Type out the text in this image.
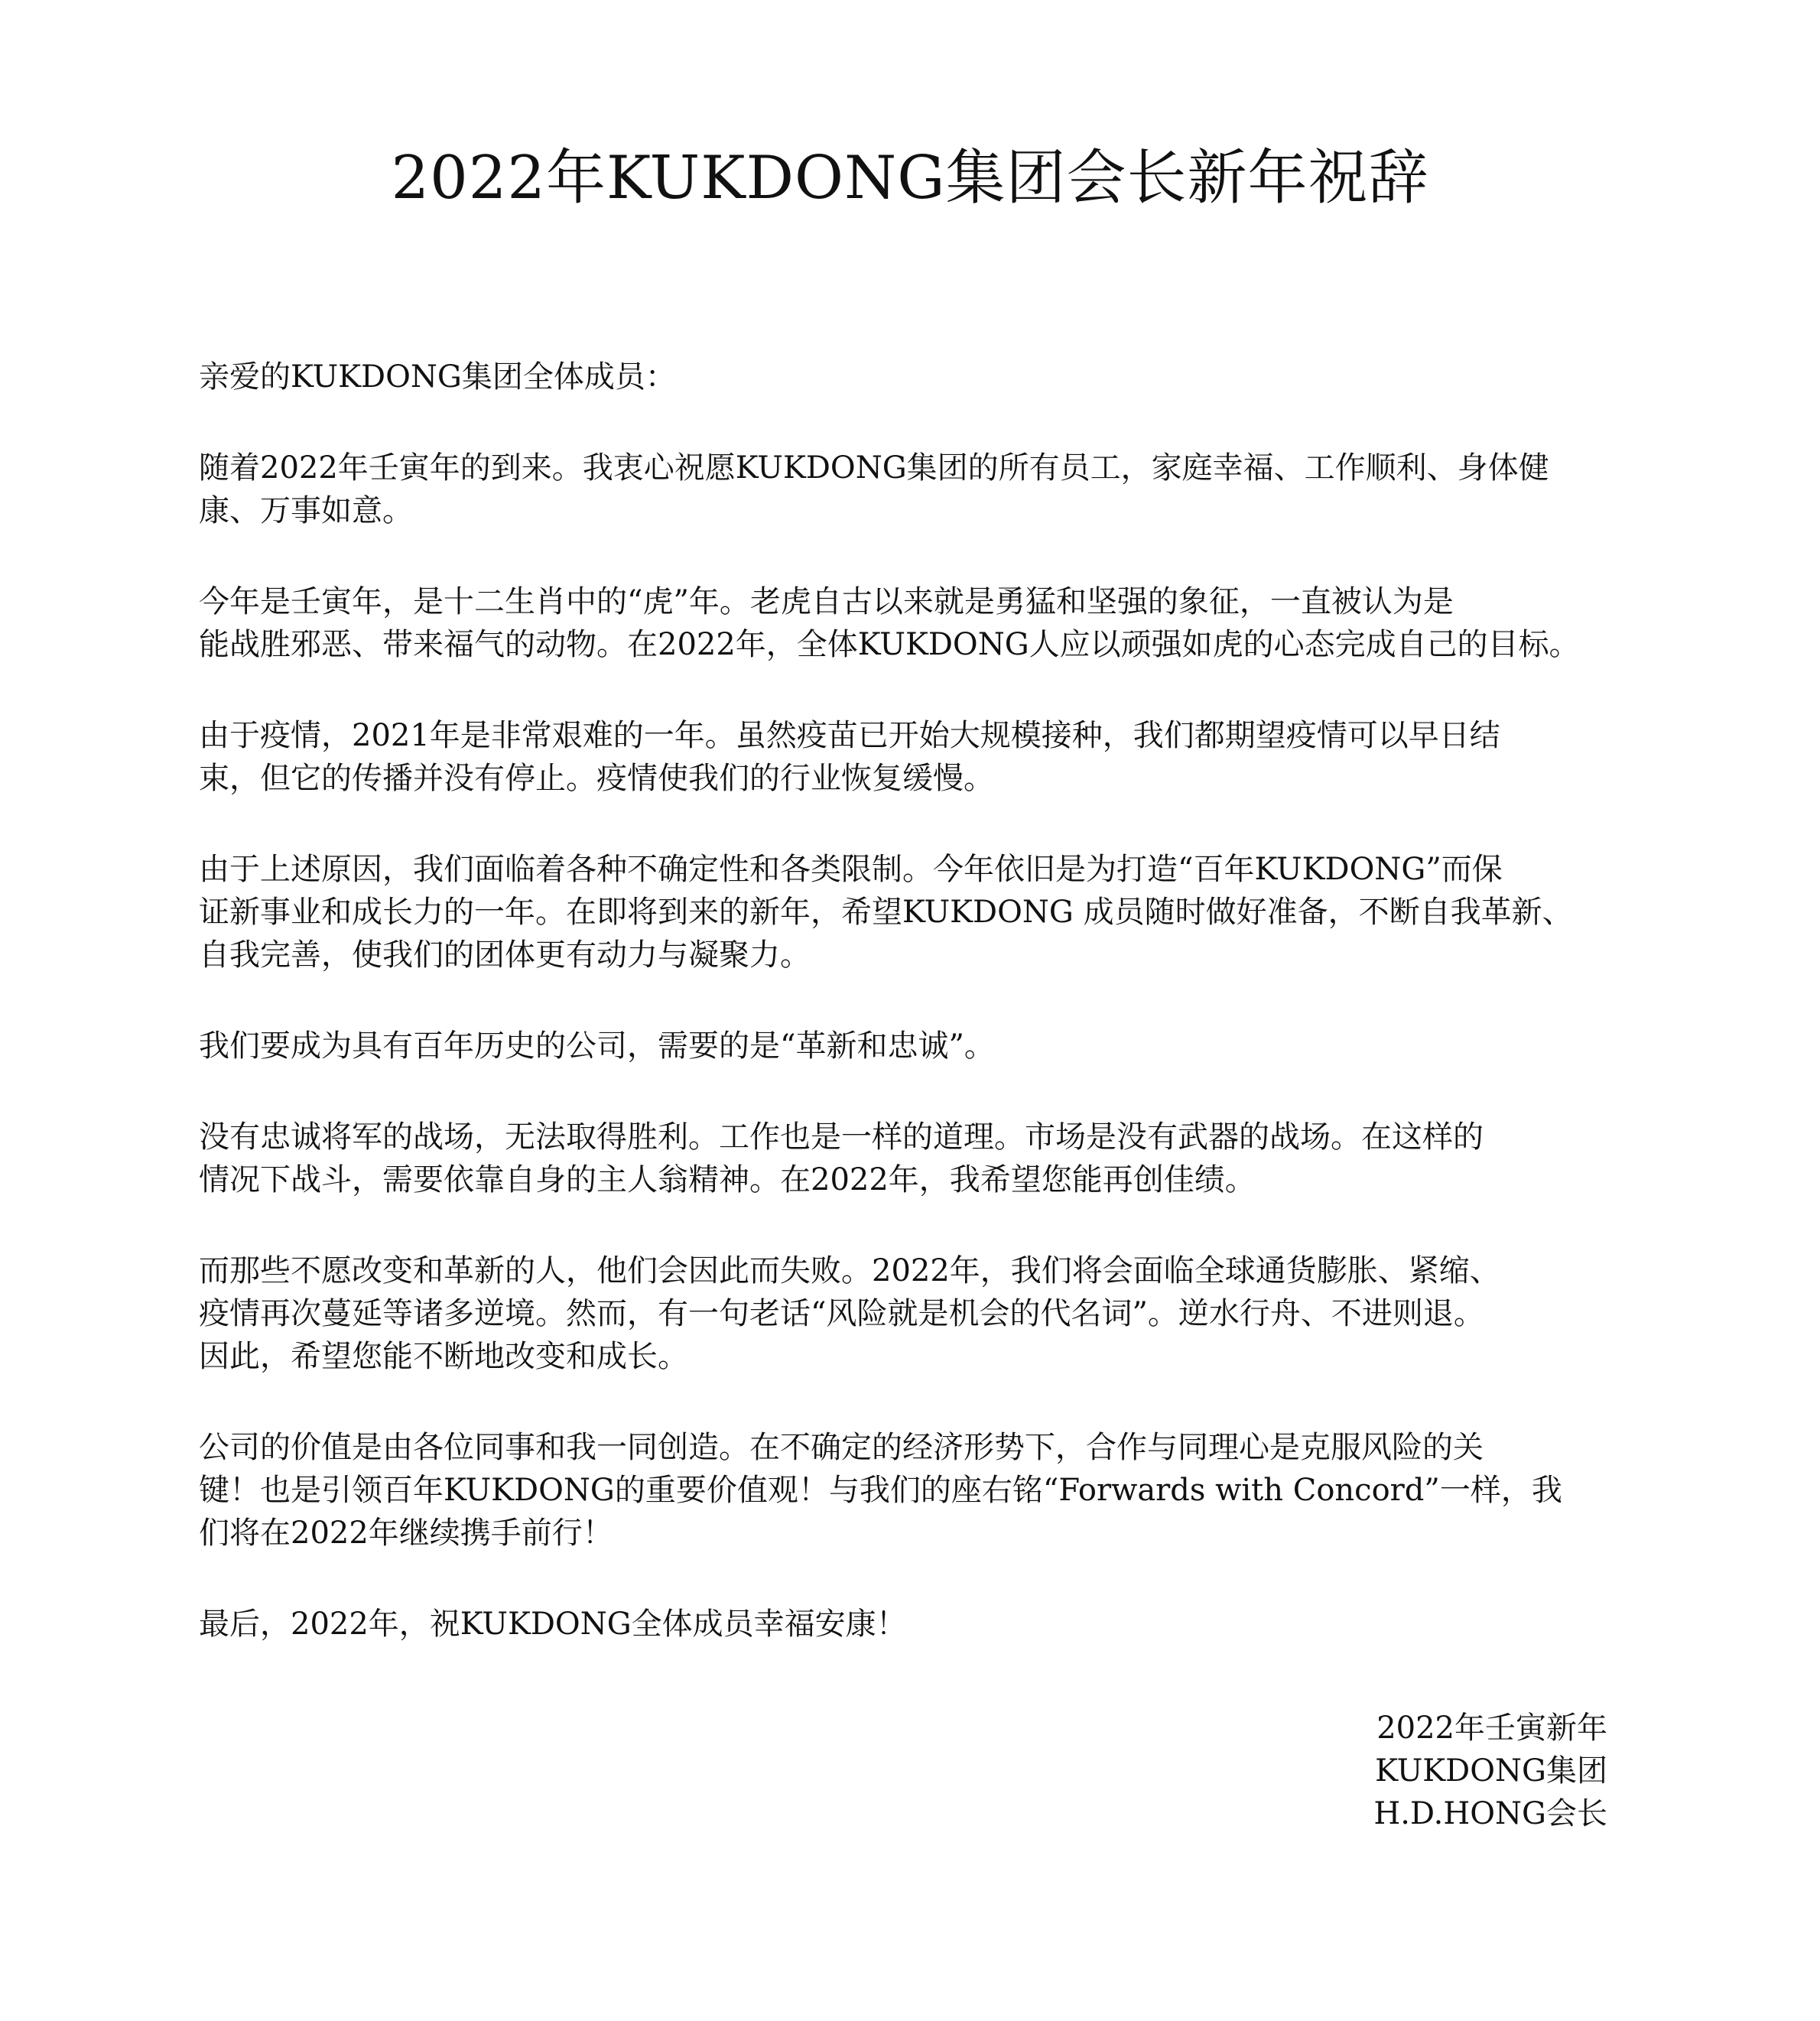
2022年KUKDONG集团会长新年祝辞

亲爱的KUKDONG集团全体成员：

随着2022年壬寅年的到来。我衷心祝愿KUKDONG集团的所有员工，家庭幸福、工作顺利、身体健
康、万事如意。

今年是壬寅年，是十二生肖中的“虎”年。老虎自古以来就是勇猛和坚强的象征，一直被认为是
能战胜邪恶、带来福气的动物。在2022年，全体KUKDONG人应以顽强如虎的心态完成自己的目标。

由于疫情，2021年是非常艰难的一年。虽然疫苗已开始大规模接种，我们都期望疫情可以早日结
束，但它的传播并没有停止。疫情使我们的行业恢复缓慢。

由于上述原因，我们面临着各种不确定性和各类限制。今年依旧是为打造“百年KUKDONG”而保
证新事业和成长力的一年。在即将到来的新年，希望KUKDONG 成员随时做好准备，不断自我革新、
自我完善，使我们的团体更有动力与凝聚力。

我们要成为具有百年历史的公司，需要的是“革新和忠诚”。

没有忠诚将军的战场，无法取得胜利。工作也是一样的道理。市场是没有武器的战场。在这样的
情况下战斗，需要依靠自身的主人翁精神。在2022年，我希望您能再创佳绩。

而那些不愿改变和革新的人，他们会因此而失败。2022年，我们将会面临全球通货膨胀、紧缩、
疫情再次蔓延等诸多逆境。然而，有一句老话“风险就是机会的代名词”。逆水行舟、不进则退。
因此，希望您能不断地改变和成长。

公司的价值是由各位同事和我一同创造。在不确定的经济形势下，合作与同理心是克服风险的关
键！也是引领百年KUKDONG的重要价值观！与我们的座右铭“Forwards with Concord”一样，我
们将在2022年继续携手前行！

最后，2022年，祝KUKDONG全体成员幸福安康！

2022年壬寅新年
KUKDONG集团
H.D.HONG会长
